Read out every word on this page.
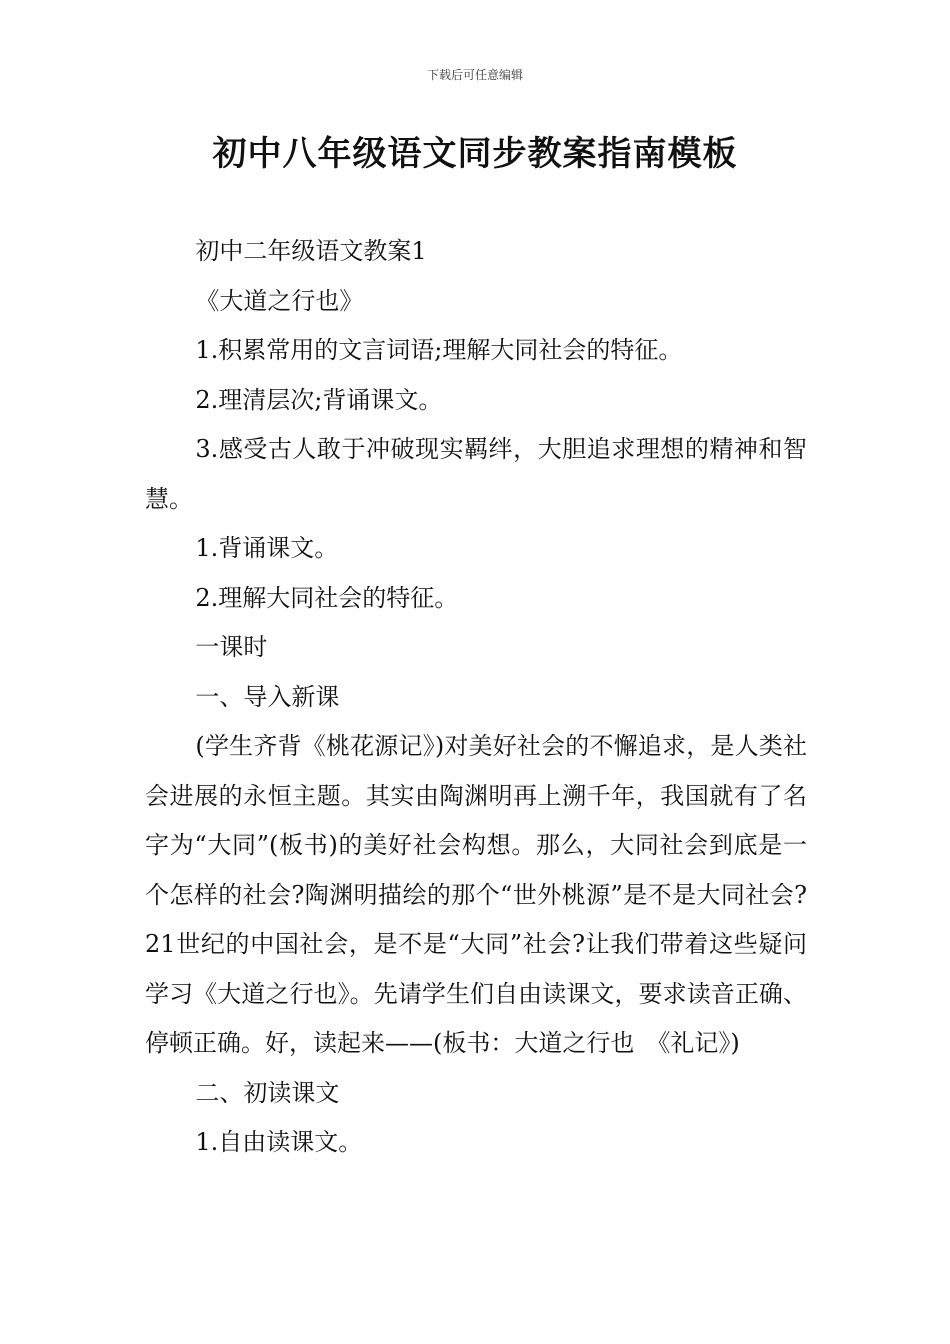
下载后可任意编辑
初中八年级语文同步教案指南模板

初中二年级语文教案1

《大道之行也》

1.积累常用的文言词语;理解大同社会的特征。

2.理清层次;背诵课文。

3.感受古人敢于冲破现实羁绊，大胆追求理想的精神和智慧。

1.背诵课文。

2.理解大同社会的特征。

一课时

一、导入新课

(学生齐背《桃花源记》)对美好社会的不懈追求，是人类社会进展的永恒主题。其实由陶渊明再上溯千年，我国就有了名字为“大同”(板书)的美好社会构想。那么，大同社会到底是一个怎样的社会?陶渊明描绘的那个“世外桃源”是不是大同社会?21世纪的中国社会，是不是“大同”社会?让我们带着这些疑问学习《大道之行也》。先请学生们自由读课文，要求读音正确、停顿正确。好，读起来——(板书：大道之行也　《礼记》)

二、初读课文

1.自由读课文。
